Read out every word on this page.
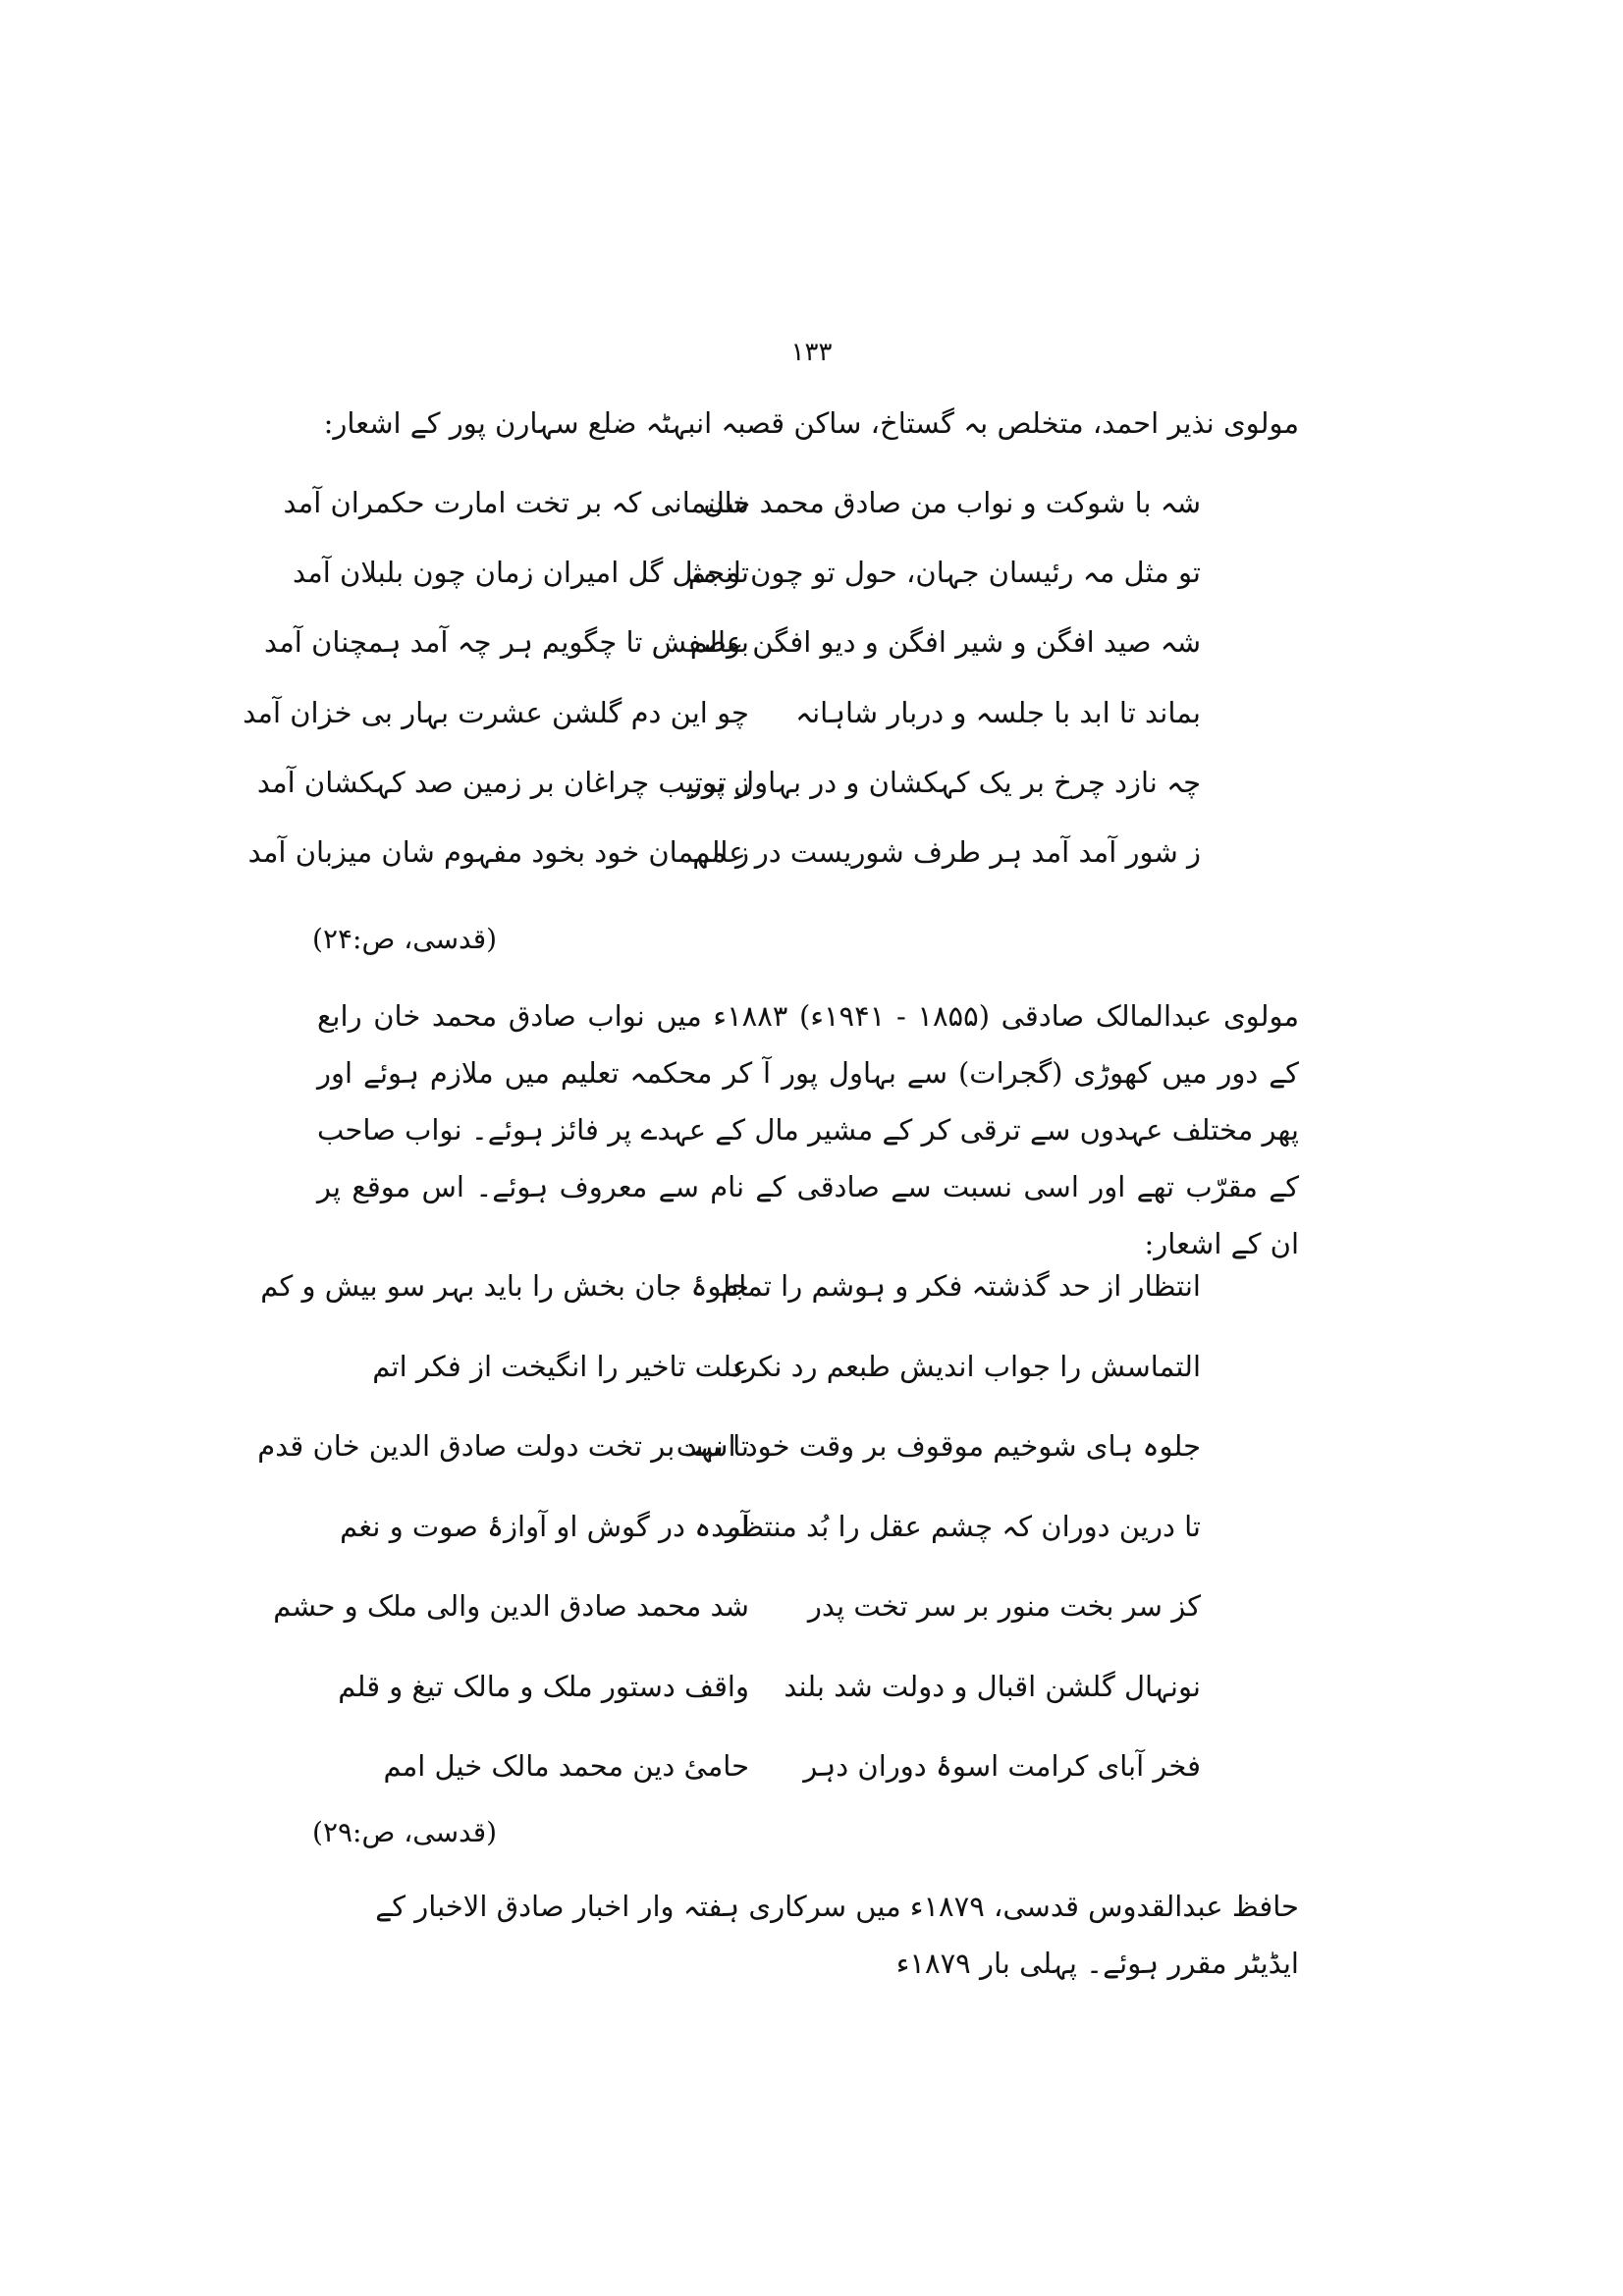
۱۳۳
مولوی نذیر احمد، متخلص بہ گستاخ، ساکن قصبہ انبہٹہ ضلع سہارن پور کے اشعار:
شہ با شوکت و نواب من صادق محمد خان
سلیمانی کہ بر تخت امارت حکمران آمد
تو مثل مہ رئیسان جہان، حول تو چون انجم
تو مثل گل امیران زمان چون بلبلان آمد
شہ صید افگن و شیر افگن و دیو افگن عالم
بوصفش تا چگویم ہر چہ آمد ہمچنان آمد
بماند تا ابد با جلسہ و دربار شاہانہ
چو این دم گلشن عشرت بہار بی خزان آمد
چہ نازد چرخ بر یک کہکشان و در بہاول پور
ز ترتیب چراغان بر زمین صد کہکشان آمد
ز شور آمد آمد ہر طرف شوریست در عالم
ز مہمان خود بخود مفہوم شان میزبان آمد
(قدسی، ص:۲۴)
مولوی عبدالمالک صادقی (۱۸۵۵ - ۱۹۴۱ء) ۱۸۸۳ء میں نواب صادق محمد خان رابع کے دور میں کھوڑی (گجرات) سے بہاول پور آ کر محکمہ تعلیم میں ملازم ہوئے اور پھر مختلف عہدوں سے ترقی کر کے مشیر مال کے عہدے پر فائز ہوئے۔ نواب صاحب کے مقرّب تھے اور اسی نسبت سے صادقی کے نام سے معروف ہوئے۔ اس موقع پر ان کے اشعار:
انتظار از حد گذشتہ فکر و ہوشم را تمام
جلوۂ جان بخش را باید بہر سو بیش و کم
التماسش را جواب اندیش طبعم رد نکرد
علت تاخیر را انگیخت از فکر اتم
جلوہ ہای شوخیم موقوف بر وقت خود است
تا نہد بر تخت دولت صادق الدین خان قدم
تا درین دوران کہ چشم عقل را بُد منتظر
آمدہ در گوش او آوازۂ صوت و نغم
کز سر بخت منور بر سر تخت پدر
شد محمد صادق الدین والی ملک و حشم
نونہال گلشن اقبال و دولت شد بلند
واقف دستور ملک و مالک تیغ و قلم
فخر آبای کرامت اسوۂ دوران دہر
حامیٔ دین محمد مالک خیل امم
(قدسی، ص:۲۹)
حافظ عبدالقدوس قدسی، ۱۸۷۹ء میں سرکاری ہفتہ وار اخبار صادق الاخبار کے ایڈیٹر مقرر ہوئے۔ پہلی بار ۱۸۷۹ء
